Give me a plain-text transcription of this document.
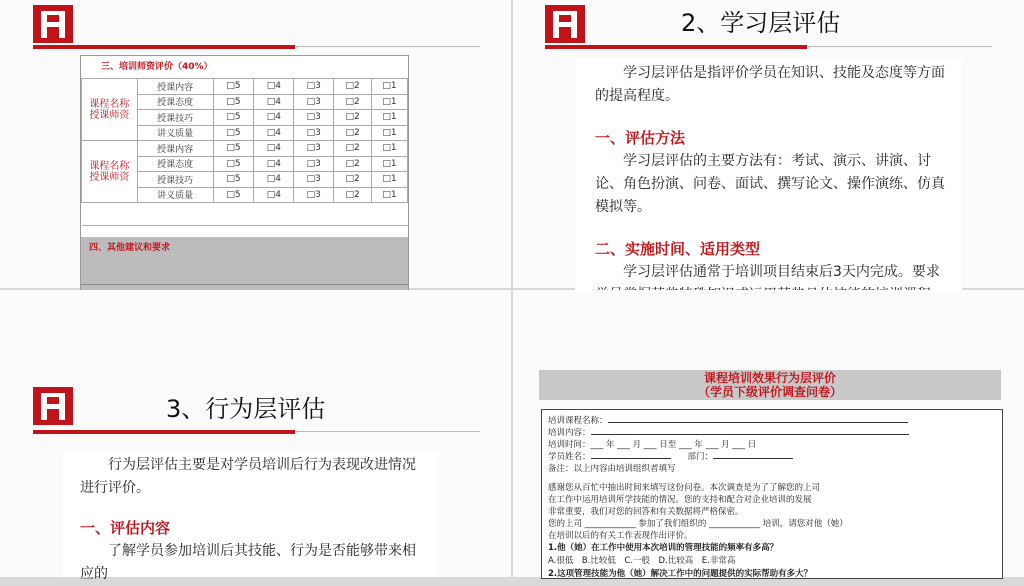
三、培训师资评价（40%）
课程名称
授课师资	授课内容	□5	□4	□3	□2	□1
	授课态度	□5	□4	□3	□2	□1
	授课技巧	□5	□4	□3	□2	□1
	讲义质量	□5	□4	□3	□2	□1

课程名称
授课师资	授课内容	□5	□4	□3	□2	□1
	授课态度	□5	□4	□3	□2	□1
	授课技巧	□5	□4	□3	□2	□1
	讲义质量	□5	□4	□3	□2	□1

四、其他建议和要求
2、学习层评估

学习层评估是指评价学员在知识、技能及态度等方面的提高程度。

一、评估方法

学习层评估的主要方法有：考试、演示、讲演、讨论、角色扮演、问卷、面试、撰写论文、操作演练、仿真模拟等。

二、实施时间、适用类型

学习层评估通常于培训项目结束后3天内完成。要求

3、行为层评估

行为层评估主要是对学员培训后行为表现改进情况进行评价。

一、评估内容

了解学员参加培训后其技能、行为是否能够带来相应的

课程培训效果行为层评价
（学员下级评价调查问卷）
培训课程名称：
培训内容：
培训时间：___ 年 ___ 月 ___ 日至 ___ 年 ___ 月 ___ 日
学员姓名：　　	部门：
备注：以上内容由培训组织者填写
感谢您从百忙中抽出时间来填写这份问卷。本次调查是为了了解您的上司
在工作中运用培训所学技能的情况。您的支持和配合对企业培训的发展
非常重要，我们对您的回答和有关数据将严格保密。
您的上司 ____________ 参加了我们组织的 ____________ 培训，请您对他（她）
在培训以后的有关工作表现作出评价。
1.他（她）在工作中使用本次培训的管理技能的频率有多高？
A.很低　B.比较低　C.一般　D.比较高　E.非常高
2.这项管理技能为他（她）解决工作中的问题提供的实际帮助有多大？
